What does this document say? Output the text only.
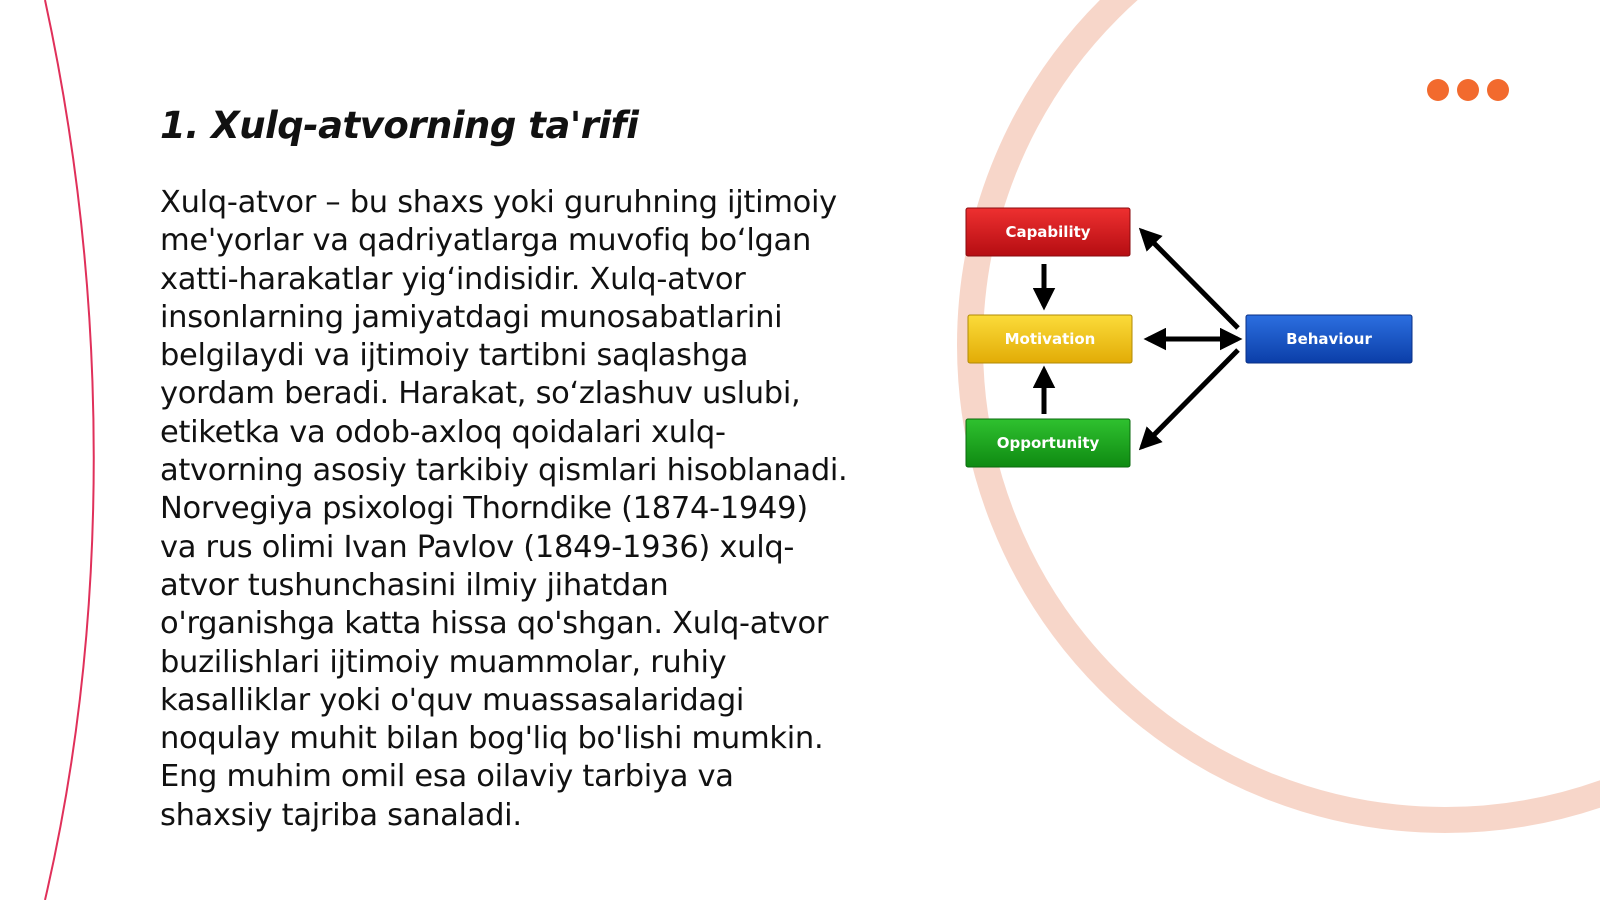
1. Xulq-atvorning ta'rifi

Xulq-atvor – bu shaxs yoki guruhning ijtimoiy me'yorlar va qadriyatlarga muvofiq bo‘lgan xatti-harakatlar yig‘indisidir. Xulq-atvor insonlarning jamiyatdagi munosabatlarini belgilaydi va ijtimoiy tartibni saqlashga yordam beradi. Harakat, so‘zlashuv uslubi, etiketka va odob-axloq qoidalari xulq-atvorning asosiy tarkibiy qismlari hisoblanadi. Norvegiya psixologi Thorndike (1874-1949) va rus olimi Ivan Pavlov (1849-1936) xulq-atvor tushunchasini ilmiy jihatdan o'rganishga katta hissa qo'shgan. Xulq-atvor buzilishlari ijtimoiy muammolar, ruhiy kasalliklar yoki o'quv muassasalaridagi noqulay muhit bilan bog'liq bo'lishi mumkin. Eng muhim omil esa oilaviy tarbiya va shaxsiy tajriba sanaladi.

Capability
Motivation
Opportunity
Behaviour
